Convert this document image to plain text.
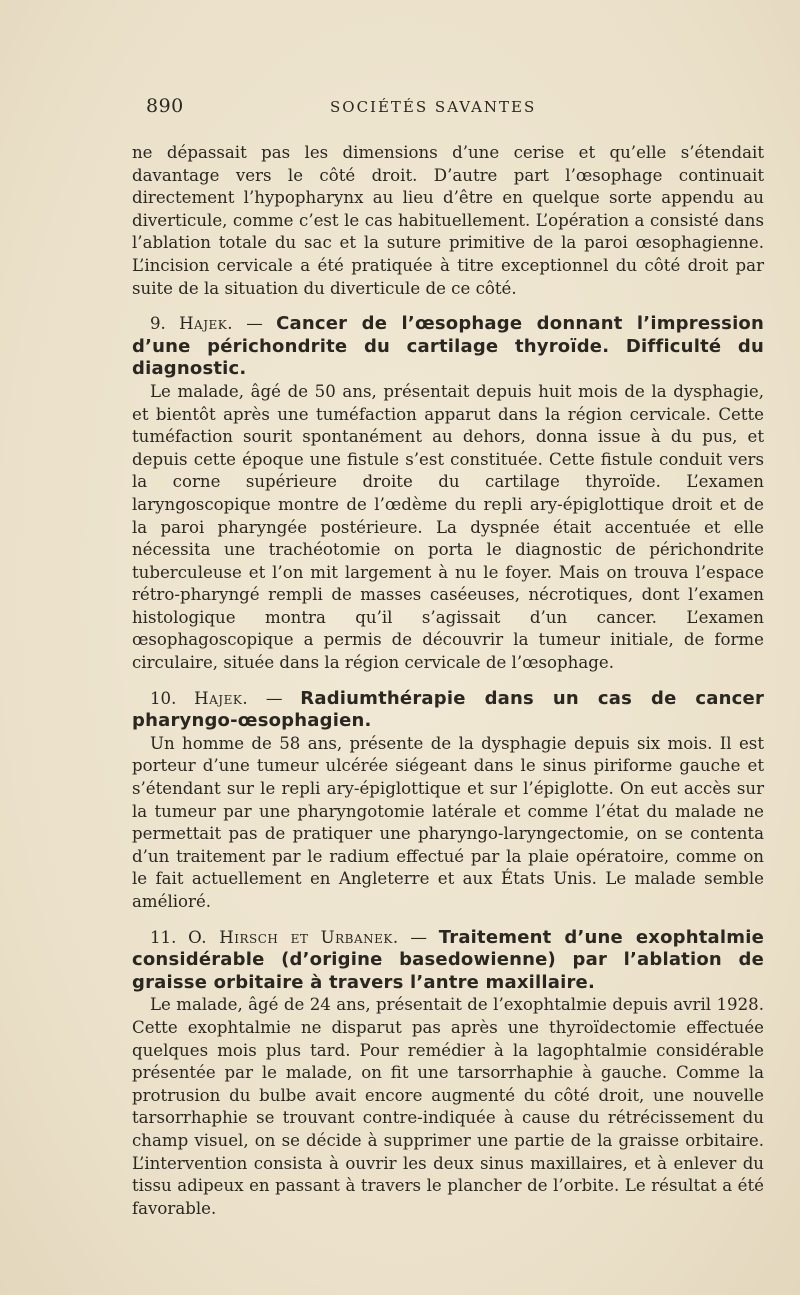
890	SOCIÉTÉS SAVANTES

ne dépassait pas les dimensions d’une cerise et qu’elle s’étendait davantage vers le côté droit. D’autre part l’œsophage continuait directement l’hypopharynx au lieu d’être en quelque sorte appendu au diverticule, comme c’est le cas habituellement. L’opération a consisté dans l’ablation totale du sac et la suture primitive de la paroi œsophagienne. L’incision cervicale a été pratiquée à titre exceptionnel du côté droit par suite de la situation du diverticule de ce côté.

9. Hajek. — Cancer de l’œsophage donnant l’impression d’une périchondrite du cartilage thyroïde. Difficulté du diagnostic.

Le malade, âgé de 50 ans, présentait depuis huit mois de la dysphagie, et bientôt après une tuméfaction apparut dans la région cervicale. Cette tuméfaction sourit spontanément au dehors, donna issue à du pus, et depuis cette époque une fistule s’est constituée. Cette fistule conduit vers la corne supérieure droite du cartilage thyroïde. L’examen laryngoscopique montre de l’œdème du repli ary-épiglottique droit et de la paroi pharyngée postérieure. La dyspnée était accentuée et elle nécessita une trachéotomie on porta le diagnostic de périchondrite tuberculeuse et l’on mit largement à nu le foyer. Mais on trouva l’espace rétro-pharyngé rempli de masses caséeuses, nécrotiques, dont l’examen histologique montra qu’il s’agissait d’un cancer. L’examen œsophagoscopique a permis de découvrir la tumeur initiale, de forme circulaire, située dans la région cervicale de l’œsophage.

10. Hajek. — Radiumthérapie dans un cas de cancer pharyngo-œsophagien.

Un homme de 58 ans, présente de la dysphagie depuis six mois. Il est porteur d’une tumeur ulcérée siégeant dans le sinus piriforme gauche et s’étendant sur le repli ary-épiglottique et sur l’épiglotte. On eut accès sur la tumeur par une pharyngotomie latérale et comme l’état du malade ne permettait pas de pratiquer une pharyngo-laryngectomie, on se contenta d’un traitement par le radium effectué par la plaie opératoire, comme on le fait actuellement en Angleterre et aux États Unis. Le malade semble amélioré.

11. O. Hirsch et Urbanek. — Traitement d’une exophtalmie considérable (d’origine basedowienne) par l’ablation de graisse orbitaire à travers l’antre maxillaire.

Le malade, âgé de 24 ans, présentait de l’exophtalmie depuis avril 1928. Cette exophtalmie ne disparut pas après une thyroïdectomie effectuée quelques mois plus tard. Pour remédier à la lagophtalmie considérable présentée par le malade, on fit une tarsorrhaphie à gauche. Comme la protrusion du bulbe avait encore augmenté du côté droit, une nouvelle tarsorrhaphie se trouvant contre-indiquée à cause du rétrécissement du champ visuel, on se décide à supprimer une partie de la graisse orbitaire. L’intervention consista à ouvrir les deux sinus maxillaires, et à enlever du tissu adipeux en passant à travers le plancher de l’orbite. Le résultat a été favorable.
